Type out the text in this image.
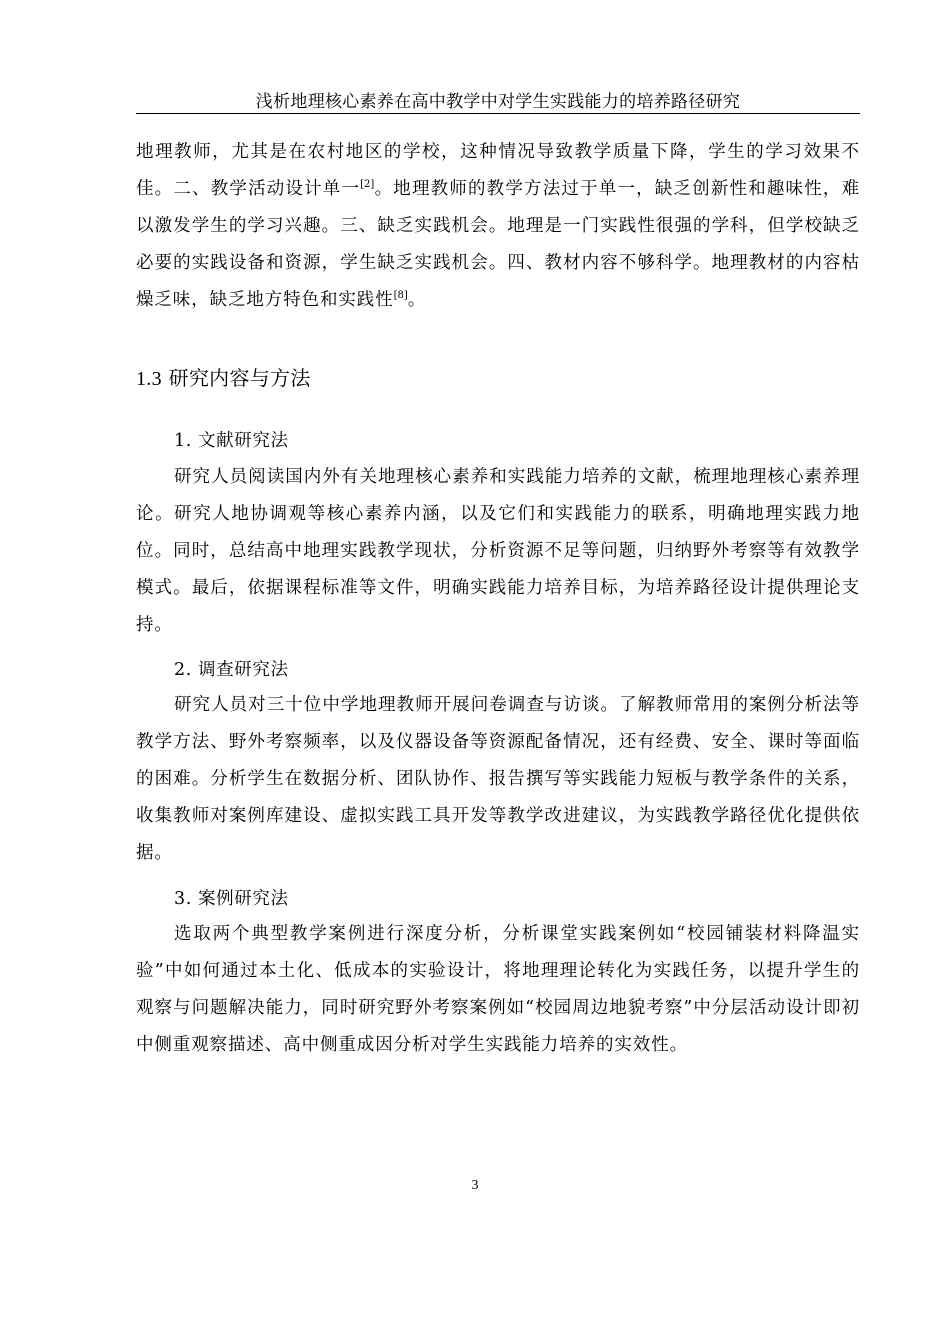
浅析地理核心素养在高中教学中对学生实践能力的培养路径研究

地理教师，尤其是在农村地区的学校，这种情况导致教学质量下降，学生的学习效果不佳。二、教学活动设计单一[2]。地理教师的教学方法过于单一，缺乏创新性和趣味性，难以激发学生的学习兴趣。三、缺乏实践机会。地理是一门实践性很强的学科，但学校缺乏必要的实践设备和资源，学生缺乏实践机会。四、教材内容不够科学。地理教材的内容枯燥乏味，缺乏地方特色和实践性[8]。

1.3 研究内容与方法
1. 文献研究法

研究人员阅读国内外有关地理核心素养和实践能力培养的文献，梳理地理核心素养理论。研究人地协调观等核心素养内涵，以及它们和实践能力的联系，明确地理实践力地位。同时，总结高中地理实践教学现状，分析资源不足等问题，归纳野外考察等有效教学模式。最后，依据课程标准等文件，明确实践能力培养目标，为培养路径设计提供理论支持。

2. 调查研究法

研究人员对三十位中学地理教师开展问卷调查与访谈。了解教师常用的案例分析法等教学方法、野外考察频率，以及仪器设备等资源配备情况，还有经费、安全、课时等面临的困难。分析学生在数据分析、团队协作、报告撰写等实践能力短板与教学条件的关系，收集教师对案例库建设、虚拟实践工具开发等教学改进建议，为实践教学路径优化提供依据。

3. 案例研究法

选取两个典型教学案例进行深度分析，分析课堂实践案例如“校园铺装材料降温实验”中如何通过本土化、低成本的实验设计，将地理理论转化为实践任务，以提升学生的观察与问题解决能力，同时研究野外考察案例如“校园周边地貌考察”中分层活动设计即初中侧重观察描述、高中侧重成因分析对学生实践能力培养的实效性。

3
